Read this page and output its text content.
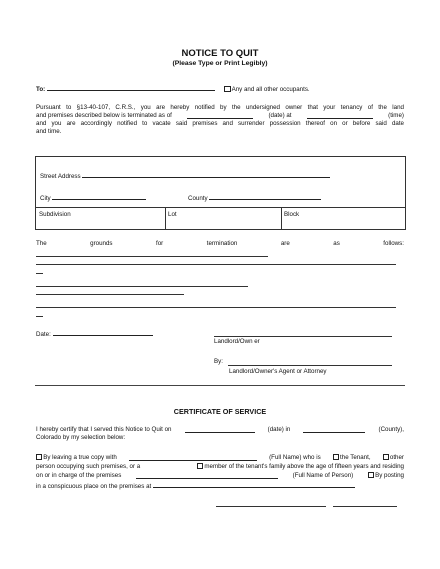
NOTICE TO QUIT
(Please Type or Print Legibly)
To:	Any and all other occupants.
Pursuant to §13-40-107, C.R.S., you are hereby notified by the undersigned owner that your tenancy of the land
and premises described below is terminated as of	(date) at	(time)
and you are accordingly notified to vacate said premises and surrender possession thereof on or before said date
and time.
Street Address
City	County
Subdivision	Lot	Block
The	grounds	for	termination	are	as	follows:
Date:
Landlord/Own er
By:
Landlord/Owner's Agent or Attorney
CERTIFICATE OF SERVICE
I hereby certify that I served this Notice to Quit on	(date) in	(County),
Colorado by my selection below:
By leaving a true copy with	(Full Name) who is	the Tenant,	other
person occupying such premises, or a	member of the tenant's family above the age of fifteen years and residing
on or in charge of the premises	(Full Name of Person)	By posting
in a conspicuous place on the premises at
